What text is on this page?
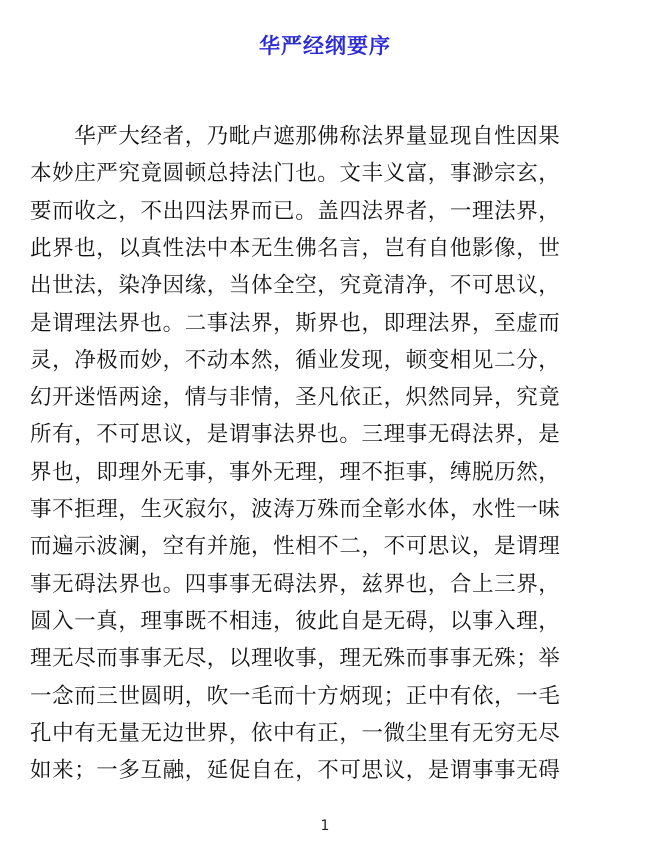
华严经纲要序
　　华严大经者，乃毗卢遮那佛称法界量显现自性因果
本妙庄严究竟圆顿总持法门也。文丰义富，事渺宗玄，
要而收之，不出四法界而已。盖四法界者，一理法界，
此界也，以真性法中本无生佛名言，岂有自他影像，世
出世法，染净因缘，当体全空，究竟清净，不可思议，
是谓理法界也。二事法界，斯界也，即理法界，至虚而
灵，净极而妙，不动本然，循业发现，顿变相见二分，
幻开迷悟两途，情与非情，圣凡依正，炽然同异，究竟
所有，不可思议，是谓事法界也。三理事无碍法界，是
界也，即理外无事，事外无理，理不拒事，缚脱历然，
事不拒理，生灭寂尔，波涛万殊而全彰水体，水性一味
而遍示波澜，空有并施，性相不二，不可思议，是谓理
事无碍法界也。四事事无碍法界，兹界也，合上三界，
圆入一真，理事既不相违，彼此自是无碍，以事入理，
理无尽而事事无尽，以理收事，理无殊而事事无殊；举
一念而三世圆明，吹一毛而十方炳现；正中有依，一毛
孔中有无量无边世界，依中有正，一微尘里有无穷无尽
如来；一多互融，延促自在，不可思议，是谓事事无碍
1
